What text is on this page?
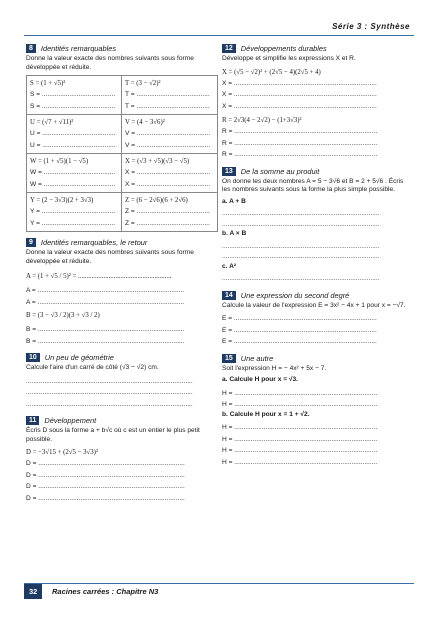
Série 3 : Synthèse
8	Identités remarquables

Donne la valeur exacte des nombres suivants sous forme développée et réduite.

S = (1 + √5)²
S = ........................................
S = ........................................
T = (3 − √2)²
T = ........................................
T = ........................................
U = (√7 + √11)²
U = ........................................
U = ........................................
V = (4 − 3√6)²
V = ........................................
V = ........................................
W = (1 + √5)(1 − √5)
W = .......................................
W = .......................................
X = (√3 + √5)(√3 − √5)
X = ........................................
X = ........................................
Y = (2 − 3√3)(2 + 3√3)
Y = ........................................
Y = ........................................
Z = (6 − 2√6)(6 + 2√6)
Z = ........................................
Z = ........................................
9	Identités remarquables, le retour

Donne la valeur exacte des nombres suivants sous forme développée et réduite.

A = (1 + √5 / 5)² = .......................................................
A = ................................................................................
A = ................................................................................
B = (3 − √3 / 2)(3 + √3 / 2)
B = ................................................................................
B = ................................................................................
10	Un peu de géométrie

Calcule l'aire d'un carré de côté (√3 − √2) cm.

...........................................................................................
...........................................................................................
...........................................................................................
11	Développement

Écris D sous la forme a + b√c où c est un entier le plus petit possible.

D = −3√15 + (2√5 − 3√3)²
D = ................................................................................
D = ................................................................................
D = ................................................................................
D = ................................................................................
12	Développements durables

Développe et simplifie les expressions X et R.

X = (√5 − √2)² + (2√5 − 4)(2√5 + 4)
X = ..............................................................................
X = ..............................................................................
X = ..............................................................................
R = 2√3(4 − 2√2) − (1+3√3)²
R = ..............................................................................
R = ..............................................................................
R = ..............................................................................
13	De la somme au produit

On donne les deux nombres A = 5 − 3√6 et B = 2 + 5√6 . Écris les nombres suivants sous la forme la plus simple possible.

a. A + B
......................................................................................
......................................................................................
b. A × B
......................................................................................
......................................................................................
c. A²
......................................................................................
14	Une expression du second degré

Calcule la valeur de l'expression E = 3x² − 4x + 1 pour x = −√7.

E = ..............................................................................
E = ..............................................................................
E = ..............................................................................
15	Une autre

Soit l'expression H = − 4x² + 5x − 7.

a. Calcule H pour x = √3.
H = ..............................................................................
H = ..............................................................................
b. Calcule H pour x = 1 + √2.
H = ..............................................................................
H = ..............................................................................
H = ..............................................................................
H = ..............................................................................
32	Racines carrées : Chapitre N3
